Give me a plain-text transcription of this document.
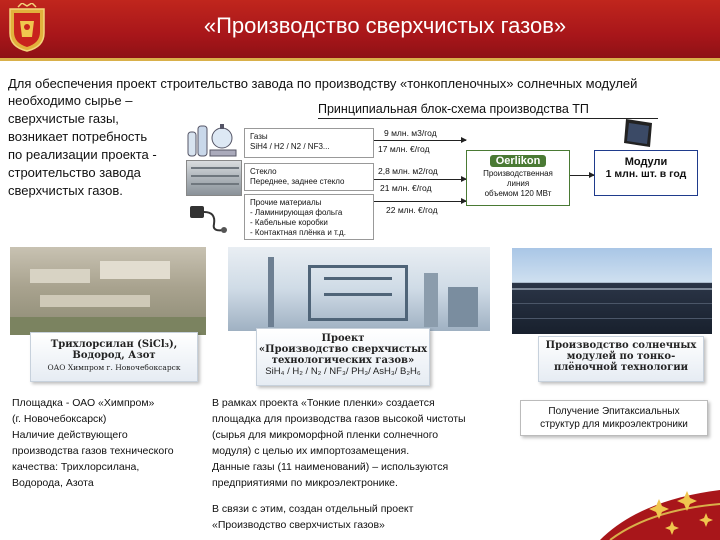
«Производство сверхчистых газов»
Для обеспечения проект строительство завода по производству «тонкопленочных» солнечных модулей
необходимо сырье –
сверхчистые газы,
возникает потребность
по реализации проекта -
строительство завода
сверхчистых газов.
Принципиальная блок-схема производства ТП
Газы
SiH4 / H2 / N2 / NF3...
Стекло
Переднее, заднее стекло
Прочие материалы
- Ламинирующая фольга
- Кабельные коробки
- Контактная плёнка и т.д.
9 млн. м3/год
17 млн. €/год
2,8 млн. м2/год
21 млн. €/год
22 млн. €/год
Oerlikon
Производственная
линия
объемом 120 МВт
Модули
1 млн. шт. в год
Трихлорсилан (SiCl₃),
Водород, Азот
ОАО Химпром г. Новочебоксарск
Проект
«Производство сверхчистых
технологических газов»
SiH₄ / H₂ / N₂ / NF₃/ PH₃/ AsH₃/ B₂H₆
Производство солнечных
модулей по тонко-
плёночной технологии
Площадка - ОАО «Химпром»
(г. Новочебоксарск)
Наличие действующего
производства газов технического
качества: Трихлорсилана,
Водорода, Азота
В рамках проекта «Тонкие пленки» создается
площадка для производства газов высокой чистоты
(сырья для микроморфной пленки солнечного
модуля) с целью их импортозамещения.
Данные газы (11 наименований) – используются
предприятиями по микроэлектронике.
В связи с этим, создан отдельный проект
«Производство сверхчистых газов»
Получение Эпитаксиальных
структур для микроэлектроники
